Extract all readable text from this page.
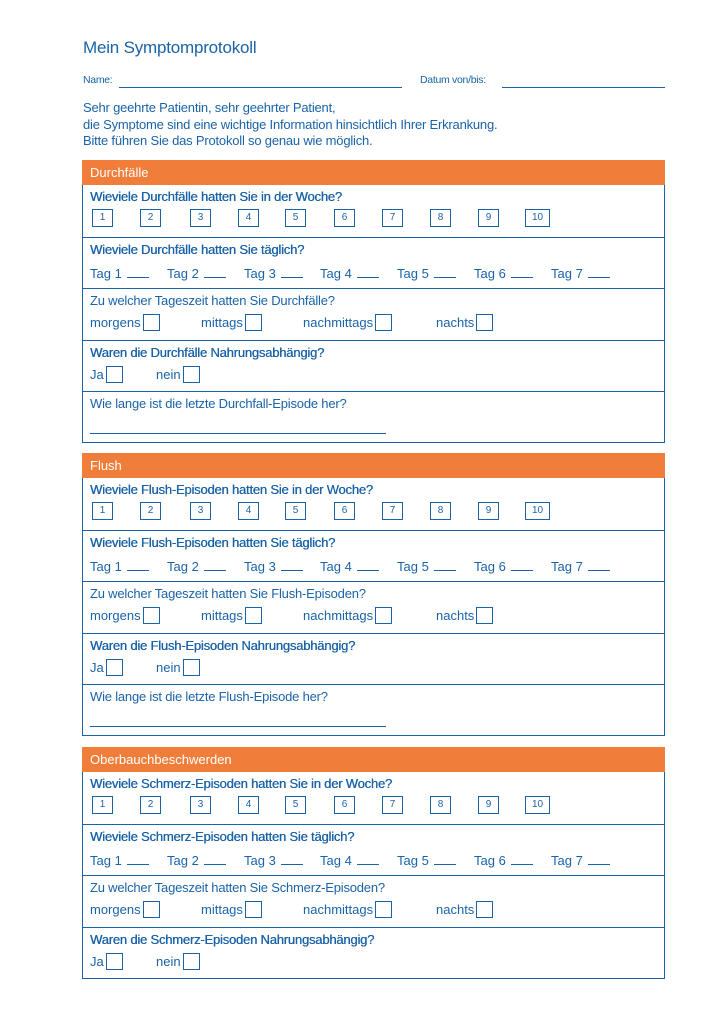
Mein Symptomprotokoll
Name:	Datum von/bis:
Sehr geehrte Patientin, sehr geehrter Patient,
die Symptome sind eine wichtige Information hinsichtlich Ihrer Erkrankung.
Bitte führen Sie das Protokoll so genau wie möglich.
Durchfälle
Wieviele Durchfälle hatten Sie in der Woche?
1	2	3	4	5	6	7	8	9	10
Wieviele Durchfälle hatten Sie täglich?
Tag 1	Tag 2	Tag 3	Tag 4	Tag 5	Tag 6	Tag 7
Zu welcher Tageszeit hatten Sie Durchfälle?
morgens	mittags	nachmittags	nachts
Waren die Durchfälle Nahrungsabhängig?
Ja	nein
Wie lange ist die letzte Durchfall-Episode her?
Flush
Wieviele Flush-Episoden hatten Sie in der Woche?
1	2	3	4	5	6	7	8	9	10
Wieviele Flush-Episoden hatten Sie täglich?
Tag 1	Tag 2	Tag 3	Tag 4	Tag 5	Tag 6	Tag 7
Zu welcher Tageszeit hatten Sie Flush-Episoden?
morgens	mittags	nachmittags	nachts
Waren die Flush-Episoden Nahrungsabhängig?
Ja	nein
Wie lange ist die letzte Flush-Episode her?
Oberbauchbeschwerden
Wieviele Schmerz-Episoden hatten Sie in der Woche?
1	2	3	4	5	6	7	8	9	10
Wieviele Schmerz-Episoden hatten Sie täglich?
Tag 1	Tag 2	Tag 3	Tag 4	Tag 5	Tag 6	Tag 7
Zu welcher Tageszeit hatten Sie Schmerz-Episoden?
morgens	mittags	nachmittags	nachts
Waren die Schmerz-Episoden Nahrungsabhängig?
Ja	nein
